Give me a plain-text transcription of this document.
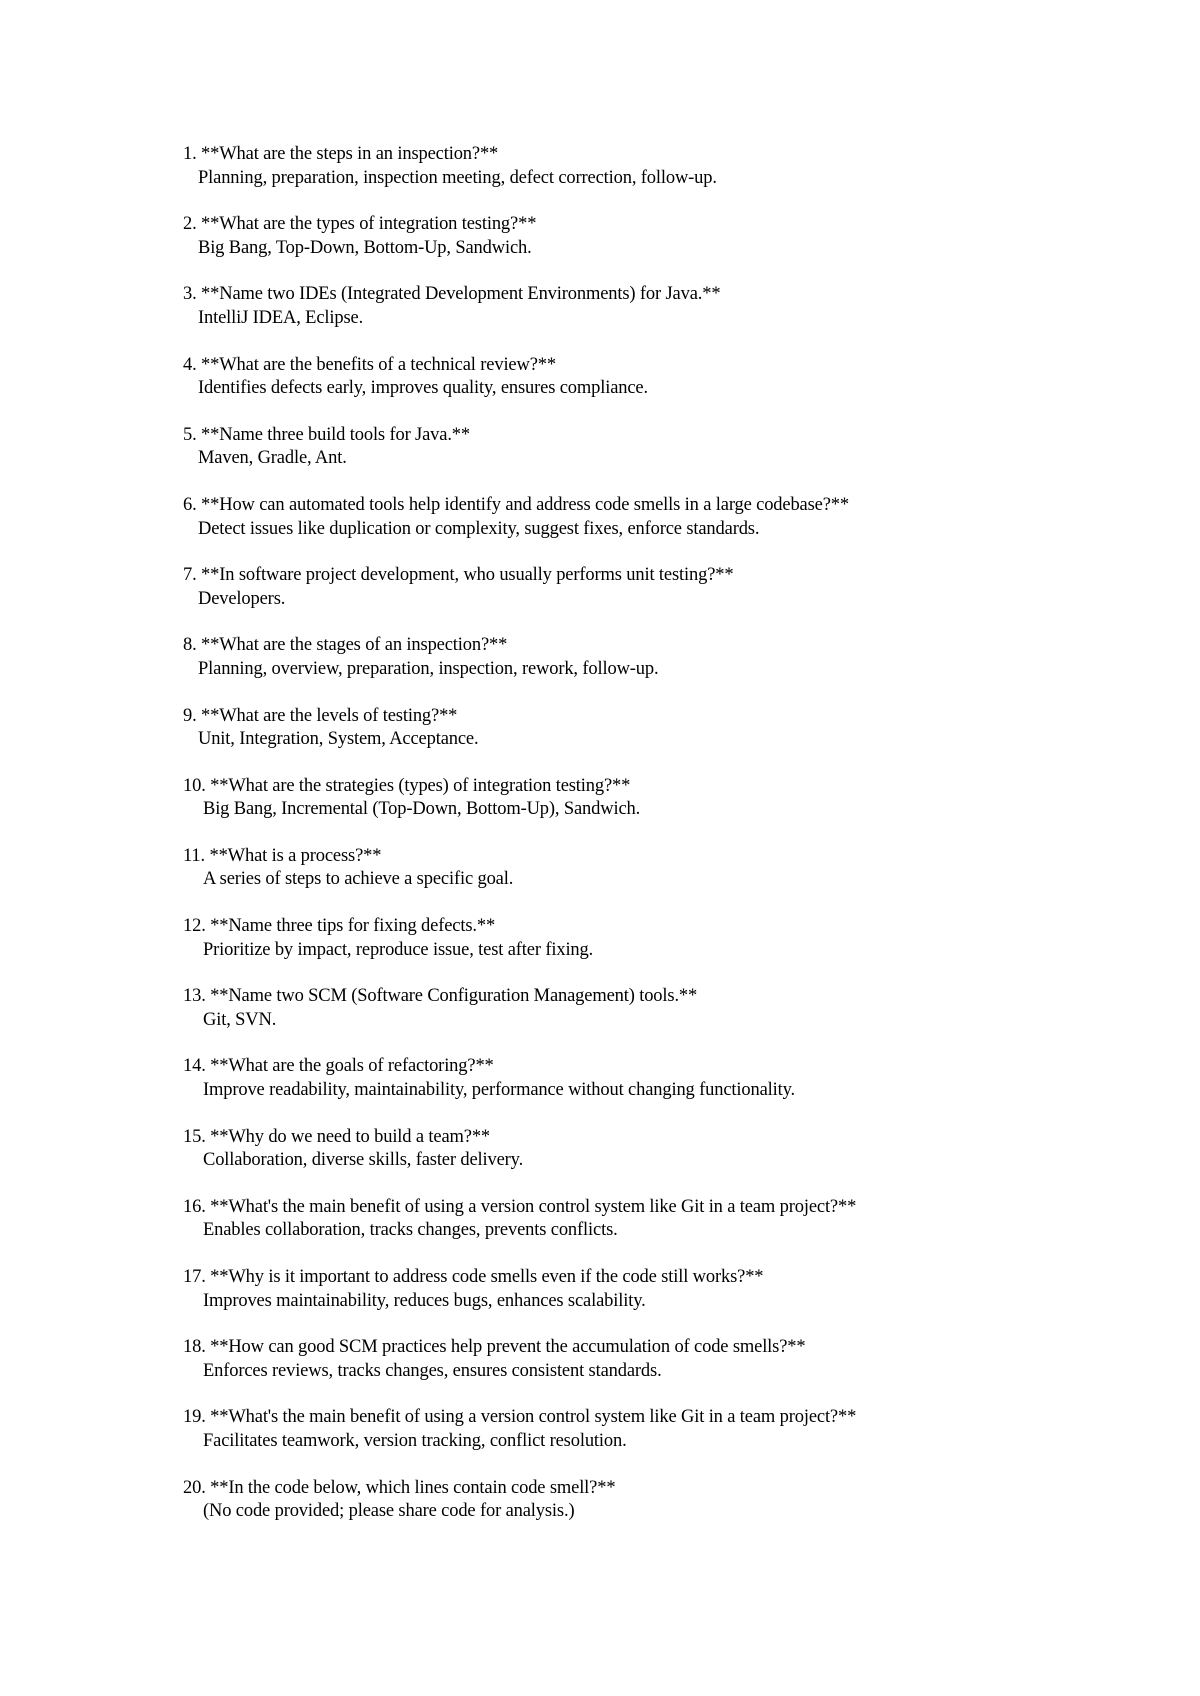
1. **What are the steps in an inspection?**
Planning, preparation, inspection meeting, defect correction, follow-up.
2. **What are the types of integration testing?**
Big Bang, Top-Down, Bottom-Up, Sandwich.
3. **Name two IDEs (Integrated Development Environments) for Java.**
IntelliJ IDEA, Eclipse.
4. **What are the benefits of a technical review?**
Identifies defects early, improves quality, ensures compliance.
5. **Name three build tools for Java.**
Maven, Gradle, Ant.
6. **How can automated tools help identify and address code smells in a large codebase?**
Detect issues like duplication or complexity, suggest fixes, enforce standards.
7. **In software project development, who usually performs unit testing?**
Developers.
8. **What are the stages of an inspection?**
Planning, overview, preparation, inspection, rework, follow-up.
9. **What are the levels of testing?**
Unit, Integration, System, Acceptance.
10. **What are the strategies (types) of integration testing?**
Big Bang, Incremental (Top-Down, Bottom-Up), Sandwich.
11. **What is a process?**
A series of steps to achieve a specific goal.
12. **Name three tips for fixing defects.**
Prioritize by impact, reproduce issue, test after fixing.
13. **Name two SCM (Software Configuration Management) tools.**
Git, SVN.
14. **What are the goals of refactoring?**
Improve readability, maintainability, performance without changing functionality.
15. **Why do we need to build a team?**
Collaboration, diverse skills, faster delivery.
16. **What's the main benefit of using a version control system like Git in a team project?**
Enables collaboration, tracks changes, prevents conflicts.
17. **Why is it important to address code smells even if the code still works?**
Improves maintainability, reduces bugs, enhances scalability.
18. **How can good SCM practices help prevent the accumulation of code smells?**
Enforces reviews, tracks changes, ensures consistent standards.
19. **What's the main benefit of using a version control system like Git in a team project?**
Facilitates teamwork, version tracking, conflict resolution.
20. **In the code below, which lines contain code smell?**
(No code provided; please share code for analysis.)
